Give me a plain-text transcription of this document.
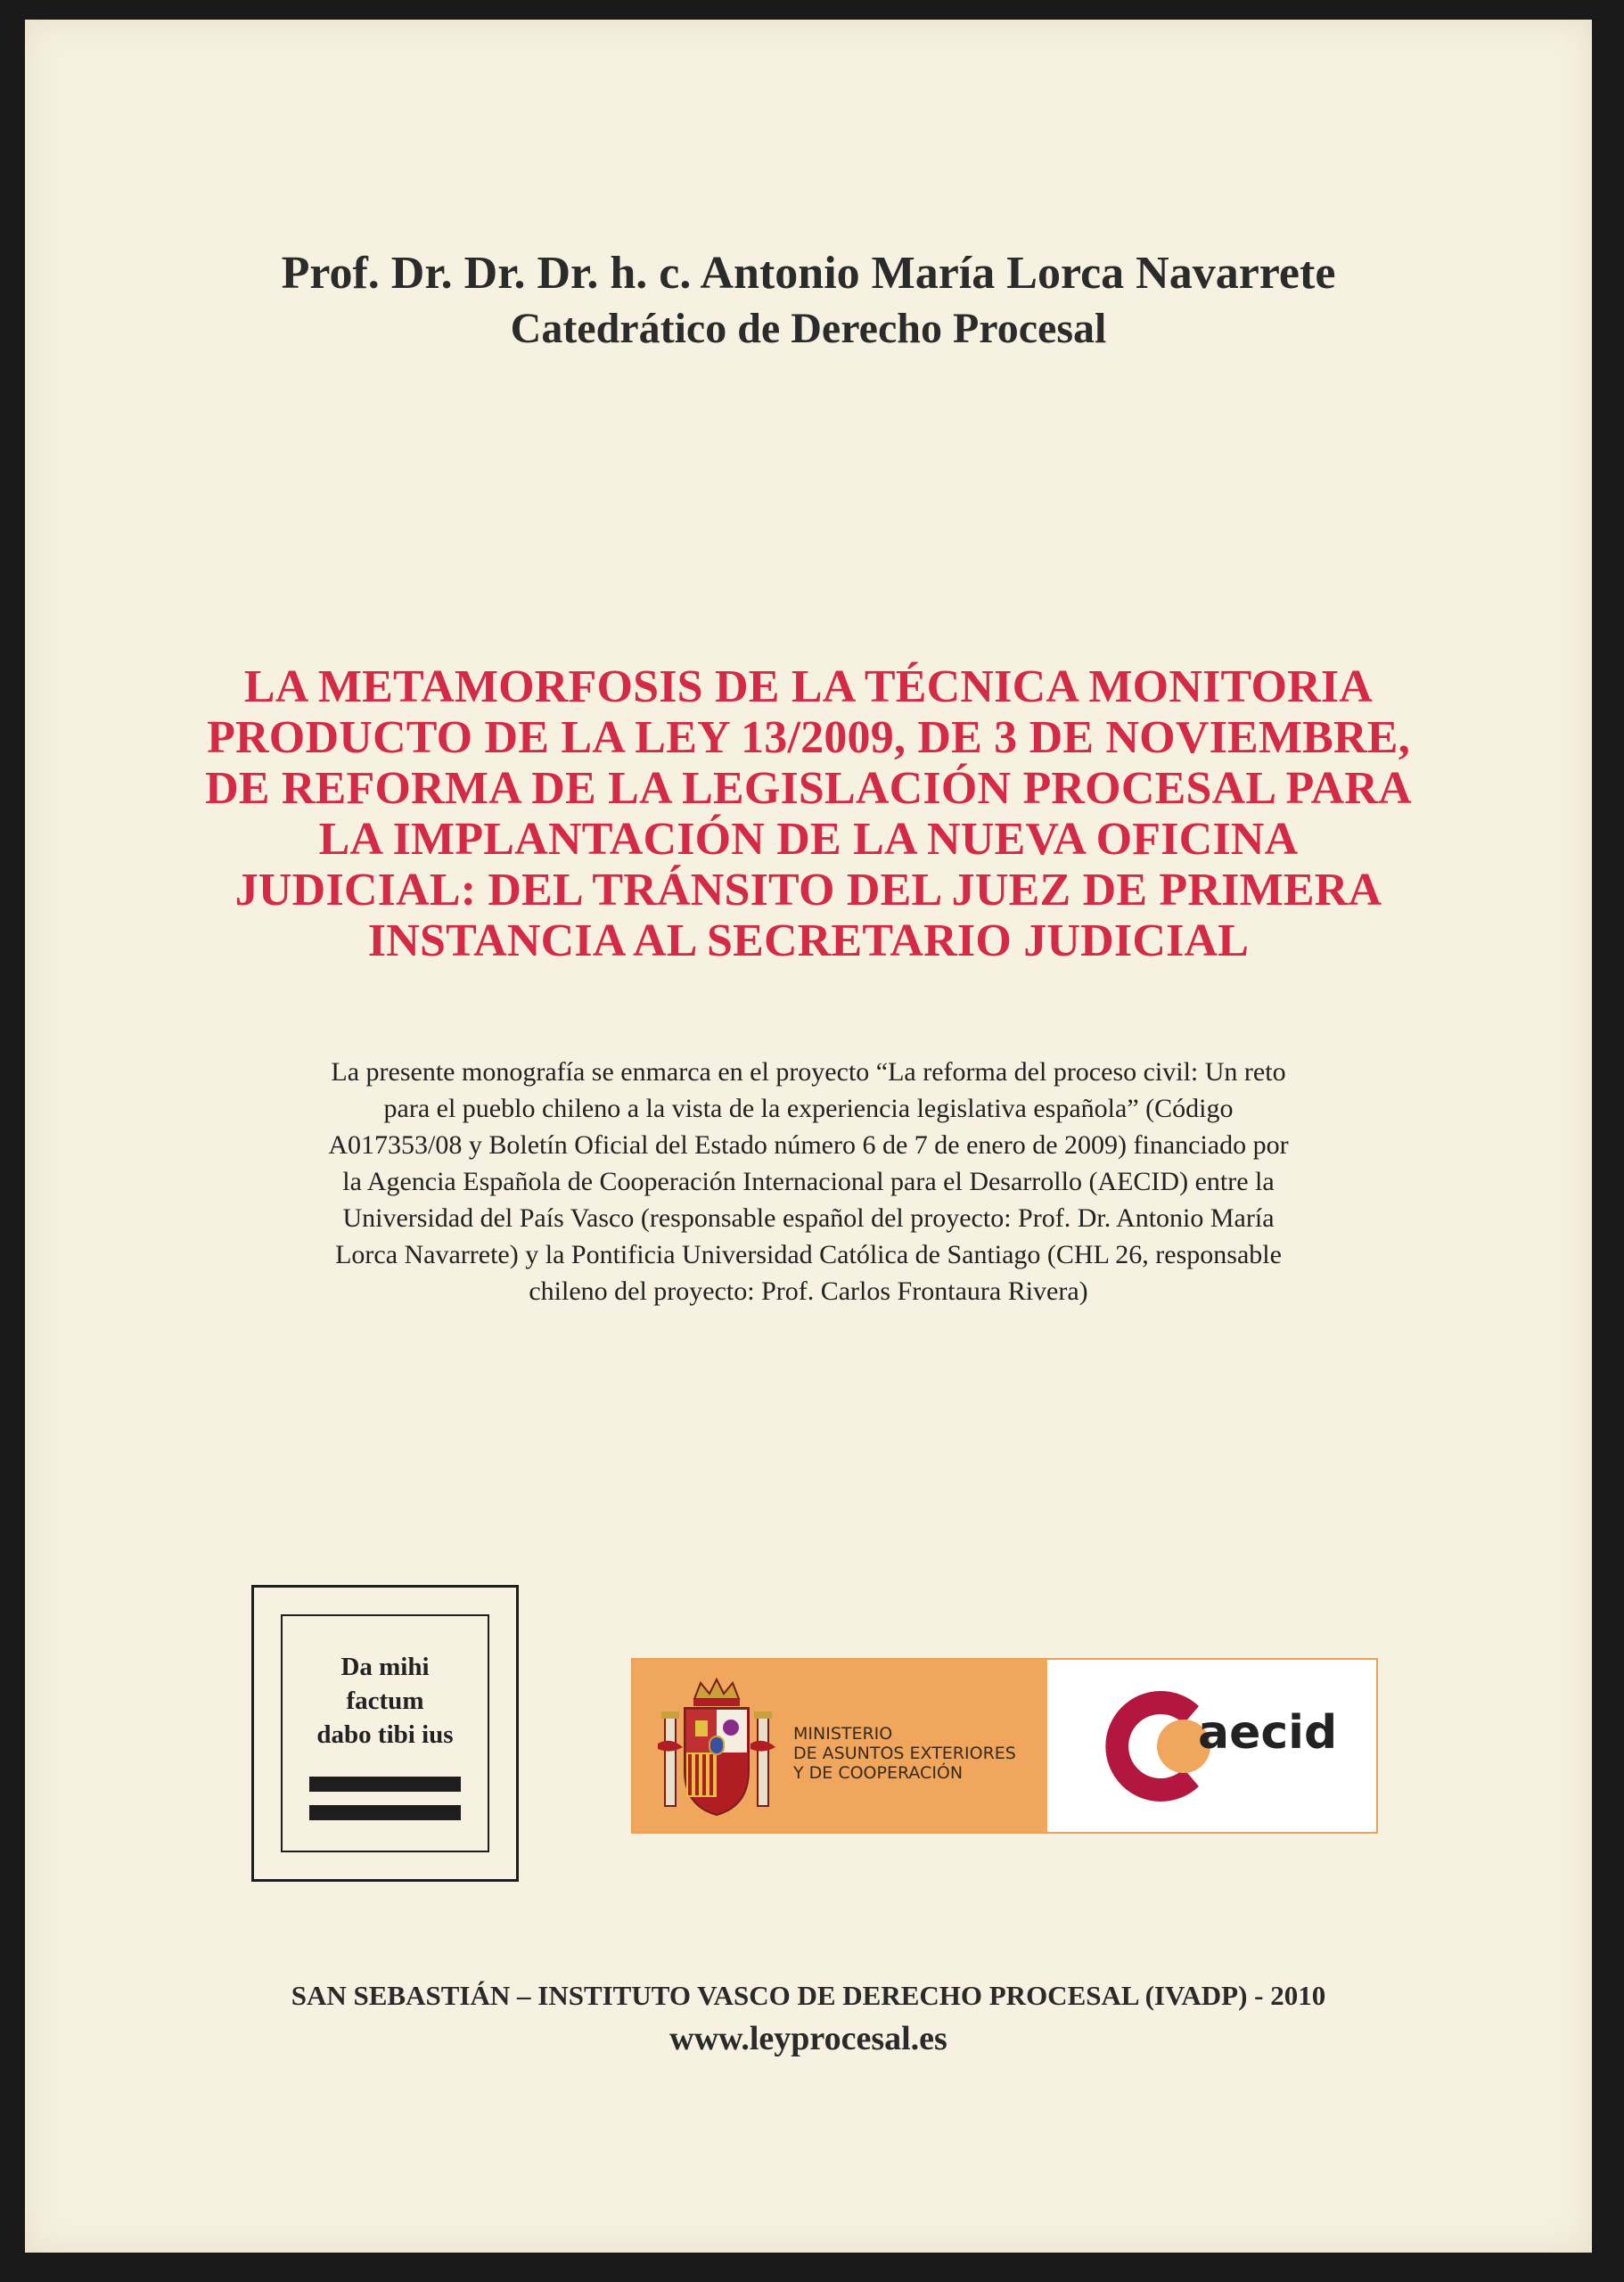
Prof. Dr. Dr. Dr. h. c. Antonio María Lorca Navarrete
Catedrático de Derecho Procesal
LA METAMORFOSIS DE LA TÉCNICA MONITORIA
PRODUCTO DE LA LEY 13/2009, DE 3 DE NOVIEMBRE,
DE REFORMA DE LA LEGISLACIÓN PROCESAL PARA
LA IMPLANTACIÓN DE LA NUEVA OFICINA
JUDICIAL: DEL TRÁNSITO DEL JUEZ DE PRIMERA
INSTANCIA AL SECRETARIO JUDICIAL
La presente monografía se enmarca en el proyecto “La reforma del proceso civil: Un reto
para el pueblo chileno a la vista de la experiencia legislativa española” (Código
A017353/08 y Boletín Oficial del Estado número 6 de 7 de enero de 2009) financiado por
la Agencia Española de Cooperación Internacional para el Desarrollo (AECID) entre la
Universidad del País Vasco (responsable español del proyecto: Prof. Dr. Antonio María
Lorca Navarrete) y la Pontificia Universidad Católica de Santiago (CHL 26, responsable
chileno del proyecto: Prof. Carlos Frontaura Rivera)
Da mihi
factum
dabo tibi ius	MINISTERIO
DE ASUNTOS EXTERIORES
Y DE COOPERACIÓN
aecid
SAN SEBASTIÁN – INSTITUTO VASCO DE DERECHO PROCESAL (IVADP) - 2010
www.leyprocesal.es
